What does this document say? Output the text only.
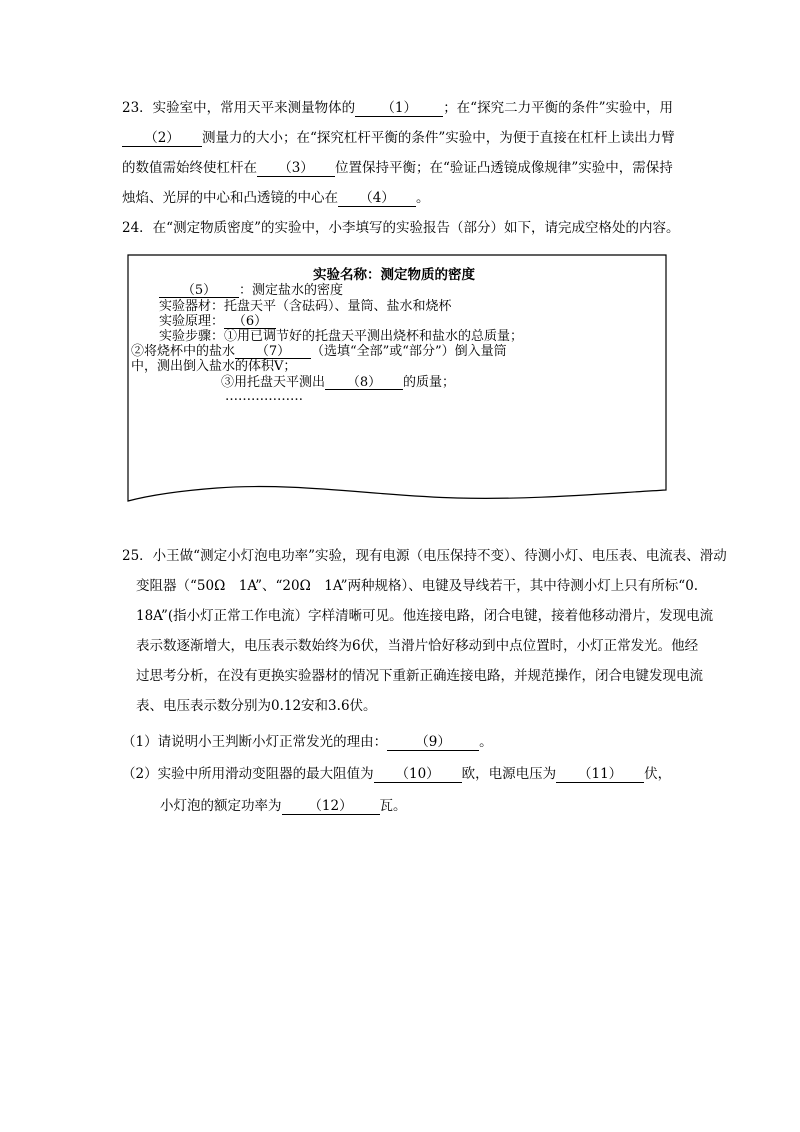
23．实验室中，常用天平来测量物体的 （1） ；在“探究二力平衡的条件”实验中，用
（2） 测量力的大小；在“探究杠杆平衡的条件”实验中，为便于直接在杠杆上读出力臂
的数值需始终使杠杆在 （3） 位置保持平衡；在“验证凸透镜成像规律”实验中，需保持
烛焰、光屏的中心和凸透镜的中心在 （4） 。
24．在“测定物质密度”的实验中，小李填写的实验报告（部分）如下，请完成空格处的内容。
实验名称：测定物质的密度
（5） ：测定盐水的密度
实验器材：托盘天平（含砝码）、量筒、盐水和烧杯
实验原理： （6）
实验步骤：①用已调节好的托盘天平测出烧杯和盐水的总质量；
②将烧杯中的盐水 （7） （选填“全部”或“部分”）倒入量筒
中，测出倒入盐水的体积V；
③用托盘天平测出 （8） 的质量；
………………
25．小王做“测定小灯泡电功率”实验，现有电源（电压保持不变）、待测小灯、电压表、电流表、滑动
变阻器（“50Ω　1A”、“20Ω　1A”两种规格）、电键及导线若干，其中待测小灯上只有所标“0.
18A”(指小灯正常工作电流）字样清晰可见。他连接电路，闭合电键，接着他移动滑片，发现电流
表示数逐渐增大，电压表示数始终为6伏，当滑片恰好移动到中点位置时，小灯正常发光。他经
过思考分析，在没有更换实验器材的情况下重新正确连接电路，并规范操作，闭合电键发现电流
表、电压表示数分别为0.12安和3.6伏。
（1）请说明小王判断小灯正常发光的理由： （9） 。
（2）实验中所用滑动变阻器的最大阻值为 （10） 欧，电源电压为 （11） 伏，
小灯泡的额定功率为 （12） 瓦。
